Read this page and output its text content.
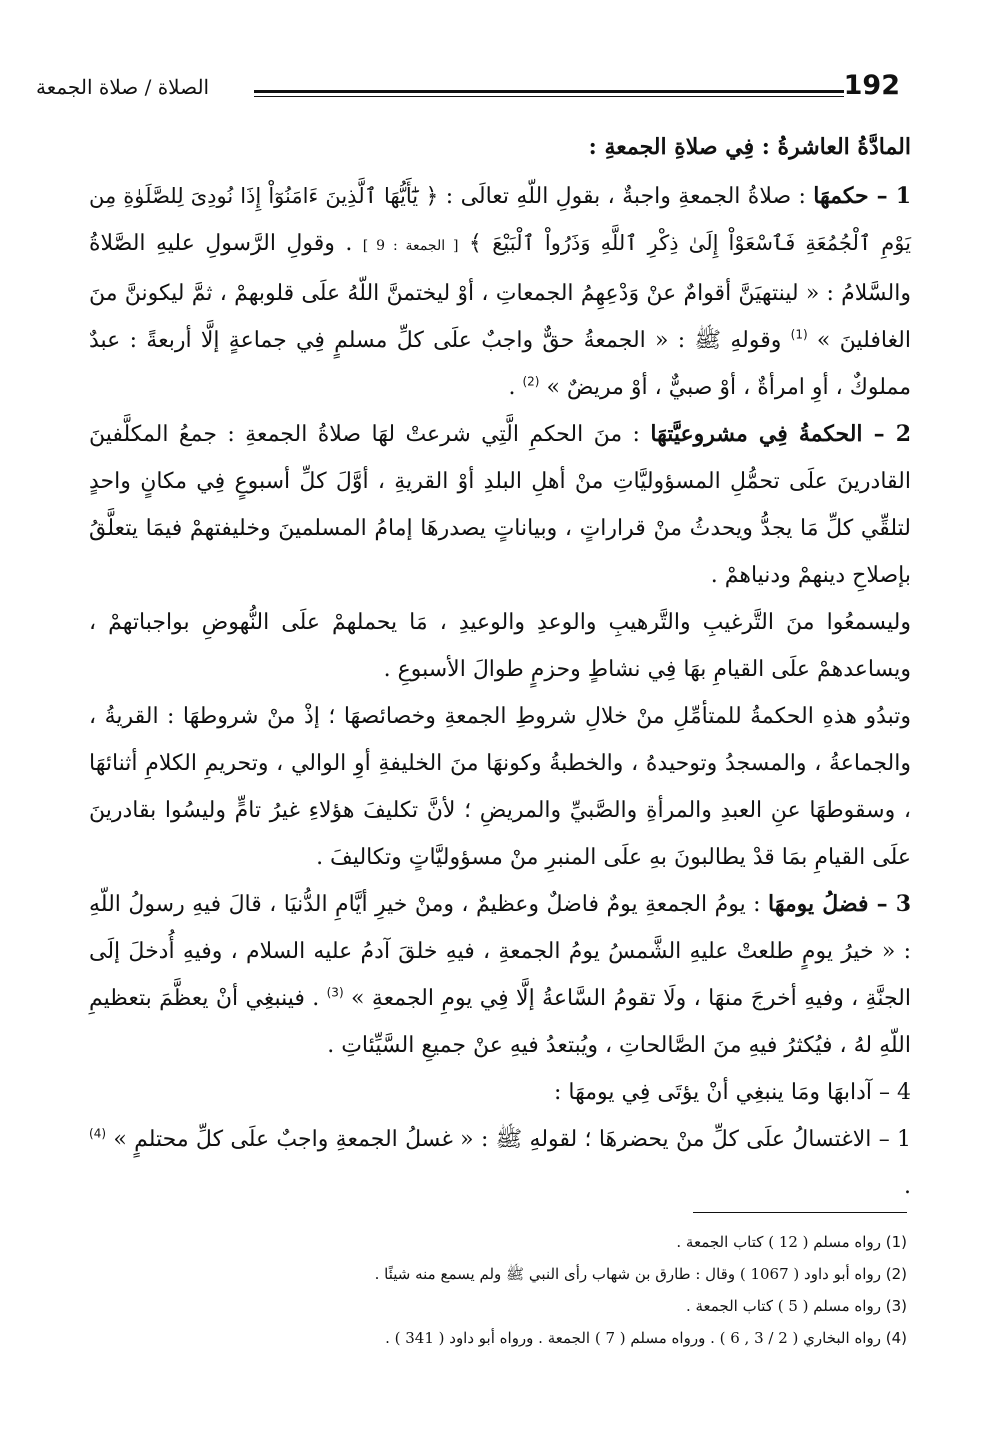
192
الصلاة / صلاة الجمعة

المادَّةُ العاشرةُ : فِي صلاةِ الجمعةِ :

1 – حكمهَا : صلاةُ الجمعةِ واجبةٌ ، بقولِ اللّهِ تعالَى : ﴿ يَٰٓأَيُّهَا ٱلَّذِينَ ءَامَنُوٓاْ إِذَا نُودِىَ لِلصَّلَوٰةِ مِن يَوْمِ ٱلْجُمُعَةِ فَٱسْعَوْاْ إِلَىٰ ذِكْرِ ٱللَّهِ وَذَرُواْ ٱلْبَيْعَ ﴾ [ الجمعة : 9 ] . وقولِ الرَّسولِ عليهِ الصَّلاةُ والسَّلامُ : « لينتهيَنَّ أقوامٌ عنْ وَدْعِهِمُ الجمعاتِ ، أوْ ليختمنَّ اللّهُ علَى قلوبهمْ ، ثمَّ ليكوننَّ منَ الغافلينَ » $^{(1)}$ وقولهِ ﷺ : « الجمعةُ حقٌّ واجبٌ علَى كلِّ مسلمٍ فِي جماعةٍ إلَّا أربعةً : عبدٌ مملوكٌ ، أوِ امرأةٌ ، أوْ صبيٌّ ، أوْ مريضٌ » $^{(2)}$ .

2 – الحكمةُ فِي مشروعيَّتهَا : منَ الحكمِ الَّتِي شرعتْ لهَا صلاةُ الجمعةِ : جمعُ المكلَّفينَ القادرينَ علَى تحمُّلِ المسؤوليَّاتِ منْ أهلِ البلدِ أوْ القريةِ ، أوَّلَ كلِّ أسبوعٍ فِي مكانٍ واحدٍ لتلقِّي كلِّ مَا يجدُّ ويحدثُ منْ قراراتٍ ، وبياناتٍ يصدرهَا إمامُ المسلمينَ وخليفتهمْ فيمَا يتعلَّقُ بإصلاحِ دينهمْ ودنياهمْ .

وليسمعُوا منَ التَّرغيبِ والتَّرهيبِ والوعدِ والوعيدِ ، مَا يحملهمْ علَى النُّهوضِ بواجباتهمْ ، ويساعدهمْ علَى القيامِ بهَا فِي نشاطٍ وحزمٍ طوالَ الأسبوعِ .

وتبدُو هذهِ الحكمةُ للمتأمِّلِ منْ خلالِ شروطِ الجمعةِ وخصائصهَا ؛ إذْ منْ شروطهَا : القريةُ ، والجماعةُ ، والمسجدُ وتوحيدهُ ، والخطبةُ وكونهَا منَ الخليفةِ أوِ الوالي ، وتحريمِ الكلامِ أثنائهَا ، وسقوطهَا عنِ العبدِ والمرأةِ والصَّبيِّ والمريضِ ؛ لأنَّ تكليفَ هؤلاءِ غيرُ تامٍّ وليسُوا بقادرينَ علَى القيامِ بمَا قدْ يطالبونَ بهِ علَى المنبرِ منْ مسؤوليَّاتٍ وتكاليفَ .

3 – فضلُ يومهَا : يومُ الجمعةِ يومٌ فاضلٌ وعظيمٌ ، ومنْ خيرِ أيَّامِ الدُّنيَا ، قالَ فيهِ رسولُ اللّهِ : « خيرُ يومٍ طلعتْ عليهِ الشَّمسُ يومُ الجمعةِ ، فيهِ خلقَ آدمُ عليه السلام ، وفيهِ أُدخلَ إلَى الجنَّةِ ، وفيهِ أخرجَ منهَا ، ولَا تقومُ السَّاعةُ إلَّا فِي يومِ الجمعةِ » $^{(3)}$ . فينبغِي أنْ يعظَّمَ بتعظيمِ اللّهِ لهُ ، فيُكثرُ فيهِ منَ الصَّالحاتِ ، ويُبتعدُ فيهِ عنْ جميعِ السَّيِّئاتِ .

4 – آدابهَا ومَا ينبغِي أنْ يؤتَى فِي يومهَا :

1 – الاغتسالُ علَى كلِّ منْ يحضرهَا ؛ لقولهِ ﷺ : « غسلُ الجمعةِ واجبٌ علَى كلِّ محتلمٍ » $^{(4)}$ .

(1) رواه مسلم ( 12 ) كتاب الجمعة .

(2) رواه أبو داود ( 1067 ) وقال : طارق بن شهاب رأى النبي ﷺ ولم يسمع منه شيئًا .

(3) رواه مسلم ( 5 ) كتاب الجمعة .

(4) رواه البخاري ( 2 / 3 , 6 ) . ورواه مسلم ( 7 ) الجمعة . ورواه أبو داود ( 341 ) .
